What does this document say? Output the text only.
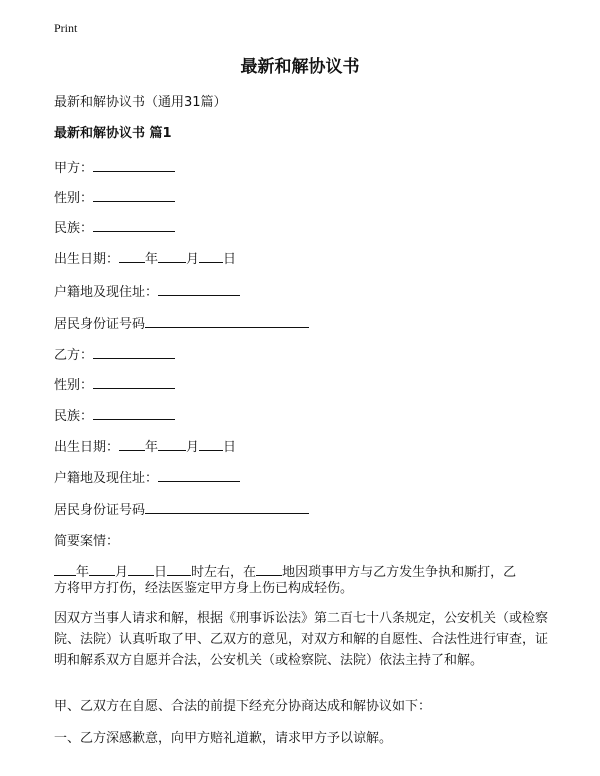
Print
最新和解协议书
最新和解协议书（通用31篇）
最新和解协议书 篇1
甲方：
性别：
民族：
出生日期： 年 月 日
户籍地及现住址：
居民身份证号码
乙方：
性别：
民族：
出生日期： 年 月 日
户籍地及现住址：
居民身份证号码
简要案情：
年 月 日 时左右，在 地因琐事甲方与乙方发生争执和厮打，乙
方将甲方打伤，经法医鉴定甲方身上伤已构成轻伤。
因双方当事人请求和解，根据《刑事诉讼法》第二百七十八条规定，公安机关（或检察院、法院）认真听取了甲、乙双方的意见，对双方和解的自愿性、合法性进行审查，证明和解系双方自愿并合法，公安机关（或检察院、法院）依法主持了和解。
甲、乙双方在自愿、合法的前提下经充分协商达成和解协议如下：
一、乙方深感歉意，向甲方赔礼道歉，请求甲方予以谅解。
